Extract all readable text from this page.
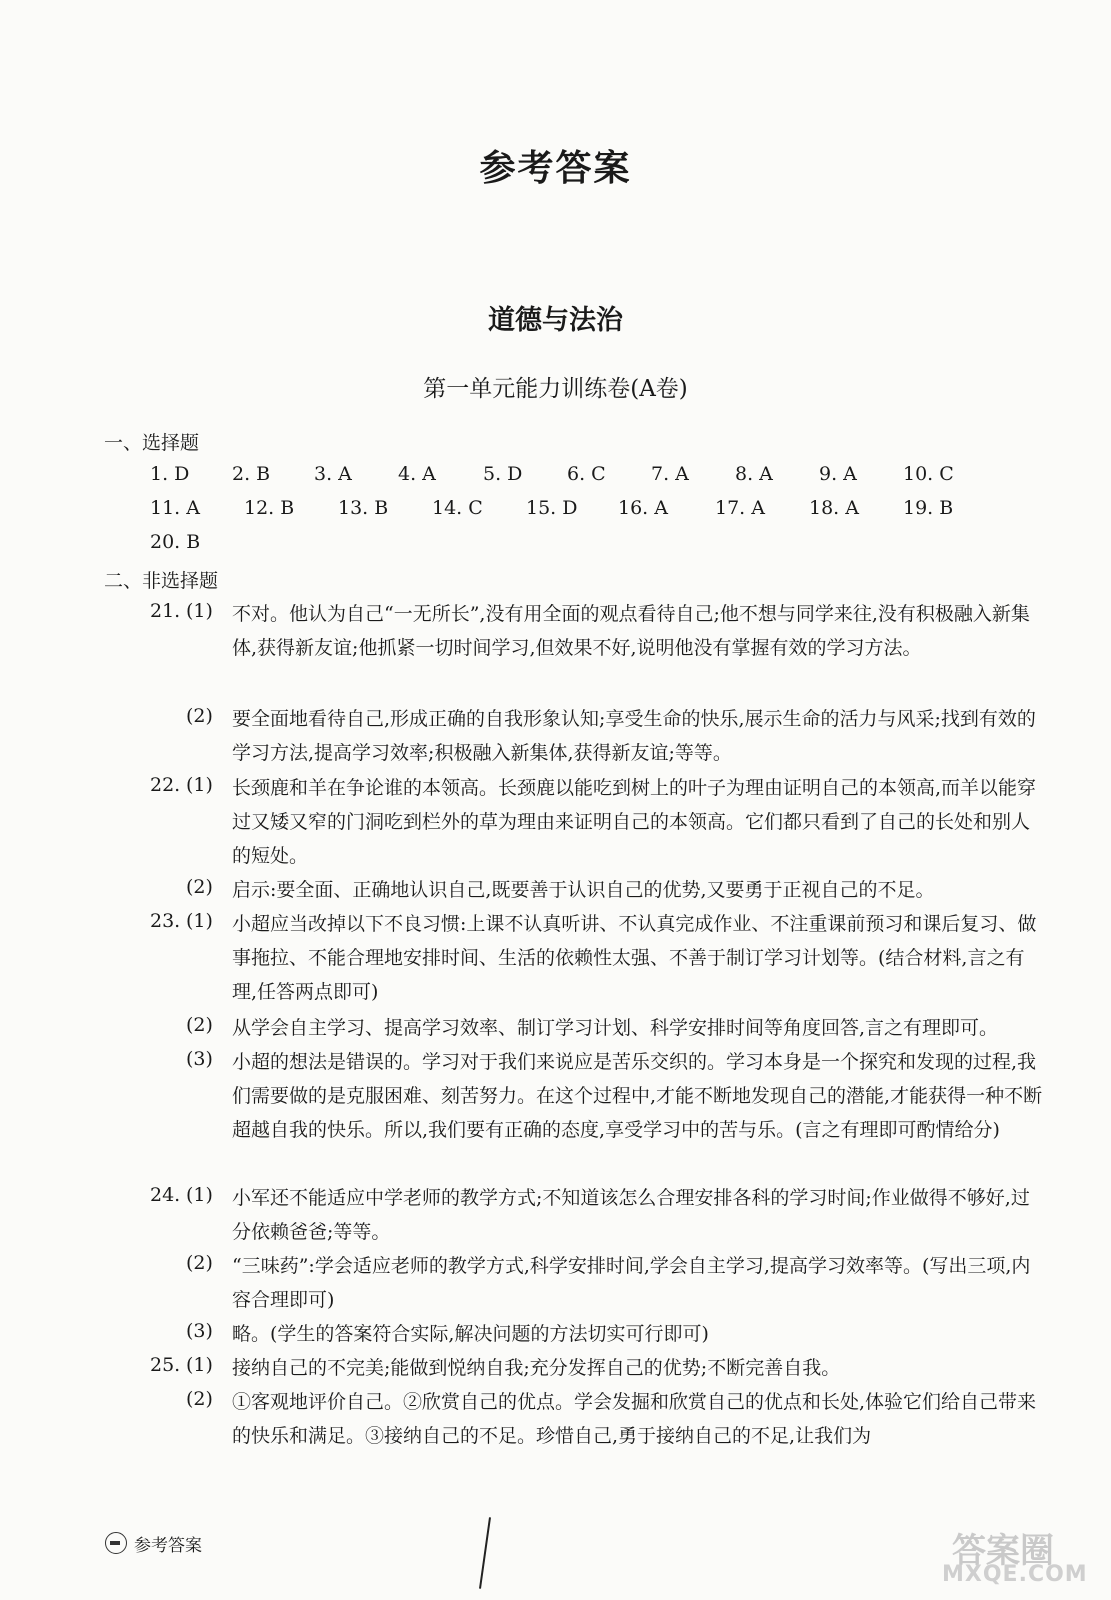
参考答案
道德与法治
第一单元能力训练卷(A卷)
一、选择题
1. D 2. B 3. A 4. A 5. D 6. C 7. A 8. A 9. A 10. C
11. A 12. B 13. B 14. C 15. D 16. A 17. A 18. A 19. B
20. B
二、非选择题
21. (1) 不对。他认为自己“一无所长”,没有用全面的观点看待自己;他不想与同学来往,没有积极融入新集体,获得新友谊;他抓紧一切时间学习,但效果不好,说明他没有掌握有效的学习方法。
(2) 要全面地看待自己,形成正确的自我形象认知;享受生命的快乐,展示生命的活力与风采;找到有效的学习方法,提高学习效率;积极融入新集体,获得新友谊;等等。
22. (1) 长颈鹿和羊在争论谁的本领高。长颈鹿以能吃到树上的叶子为理由证明自己的本领高,而羊以能穿过又矮又窄的门洞吃到栏外的草为理由来证明自己的本领高。它们都只看到了自己的长处和别人的短处。
(2) 启示:要全面、正确地认识自己,既要善于认识自己的优势,又要勇于正视自己的不足。
23. (1) 小超应当改掉以下不良习惯:上课不认真听讲、不认真完成作业、不注重课前预习和课后复习、做事拖拉、不能合理地安排时间、生活的依赖性太强、不善于制订学习计划等。(结合材料,言之有理,任答两点即可)
(2) 从学会自主学习、提高学习效率、制订学习计划、科学安排时间等角度回答,言之有理即可。
(3) 小超的想法是错误的。学习对于我们来说应是苦乐交织的。学习本身是一个探究和发现的过程,我们需要做的是克服困难、刻苦努力。在这个过程中,才能不断地发现自己的潜能,才能获得一种不断超越自我的快乐。所以,我们要有正确的态度,享受学习中的苦与乐。(言之有理即可酌情给分)
24. (1) 小军还不能适应中学老师的教学方式;不知道该怎么合理安排各科的学习时间;作业做得不够好,过分依赖爸爸;等等。
(2) “三味药”:学会适应老师的教学方式,科学安排时间,学会自主学习,提高学习效率等。(写出三项,内容合理即可)
(3) 略。(学生的答案符合实际,解决问题的方法切实可行即可)
25. (1) 接纳自己的不完美;能做到悦纳自我;充分发挥自己的优势;不断完善自我。
(2) ①客观地评价自己。②欣赏自己的优点。学会发掘和欣赏自己的优点和长处,体验它们给自己带来的快乐和满足。③接纳自己的不足。珍惜自己,勇于接纳自己的不足,让我们为
参考答案	答案圈
MXQE.COM
